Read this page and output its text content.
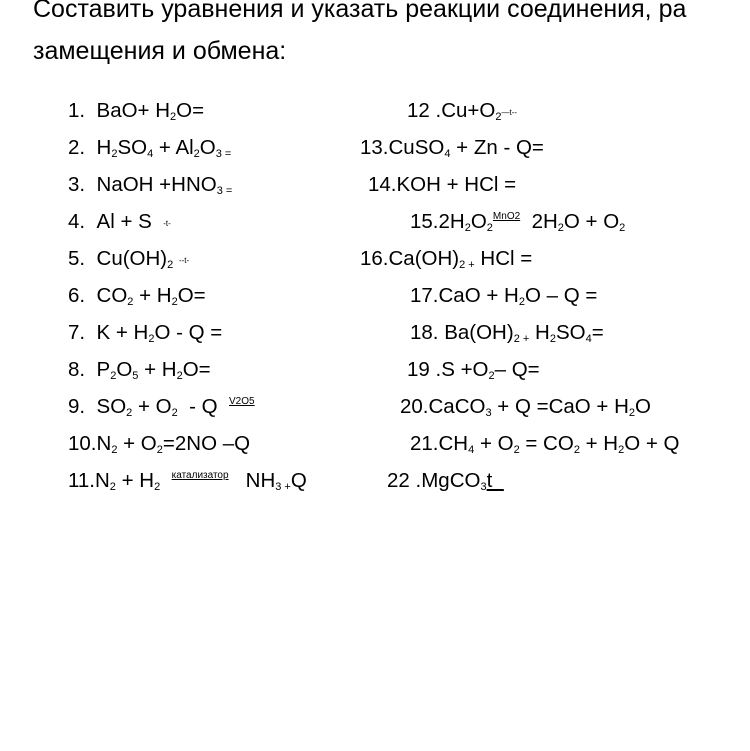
Составить уравнения и указать реакции соединения, ра
замещения и обмена:
1. $BaO+ H_2O=$
2. $H_2SO_4 + Al_2O_{3 =}$
3. NaOH $+HNO_{3 =}$
4. Al + S -t-
5. $Cu(OH)_2$ --t-
6. $CO_2 + H_2O=$
7. $K + H_2O - Q$ =
8. $P_2O_5 + H_2O=$
9. $SO_2 + O_2 - Q$ $^{V2O5}$
$10.N_2 + O_2=2NO$ –Q
$11.N_2 + H_2$  $^{катализатор}$ $NH_{3 +}Q$
12 $.Cu+O_2—t--$
13.CuSO$_4$ + Zn - Q=
14.KOH + HCl =
$15.2H_2O_2^{MnO2}$ $2H_2O + O_2$
$16.Ca(OH)_{2 +}$ HCl =
$17.CaO + H_2O - Q$ =
18. $Ba(OH)_{2 +}$ $H_2SO_4=$
19 $.S +O_2-$ Q=
20.CaCO$_3$ + $Q =CaO + H_2O$
$21.CH_4 + O_2 = CO_2 + H_2O + Q$
22 .MgCO$_3$t_
